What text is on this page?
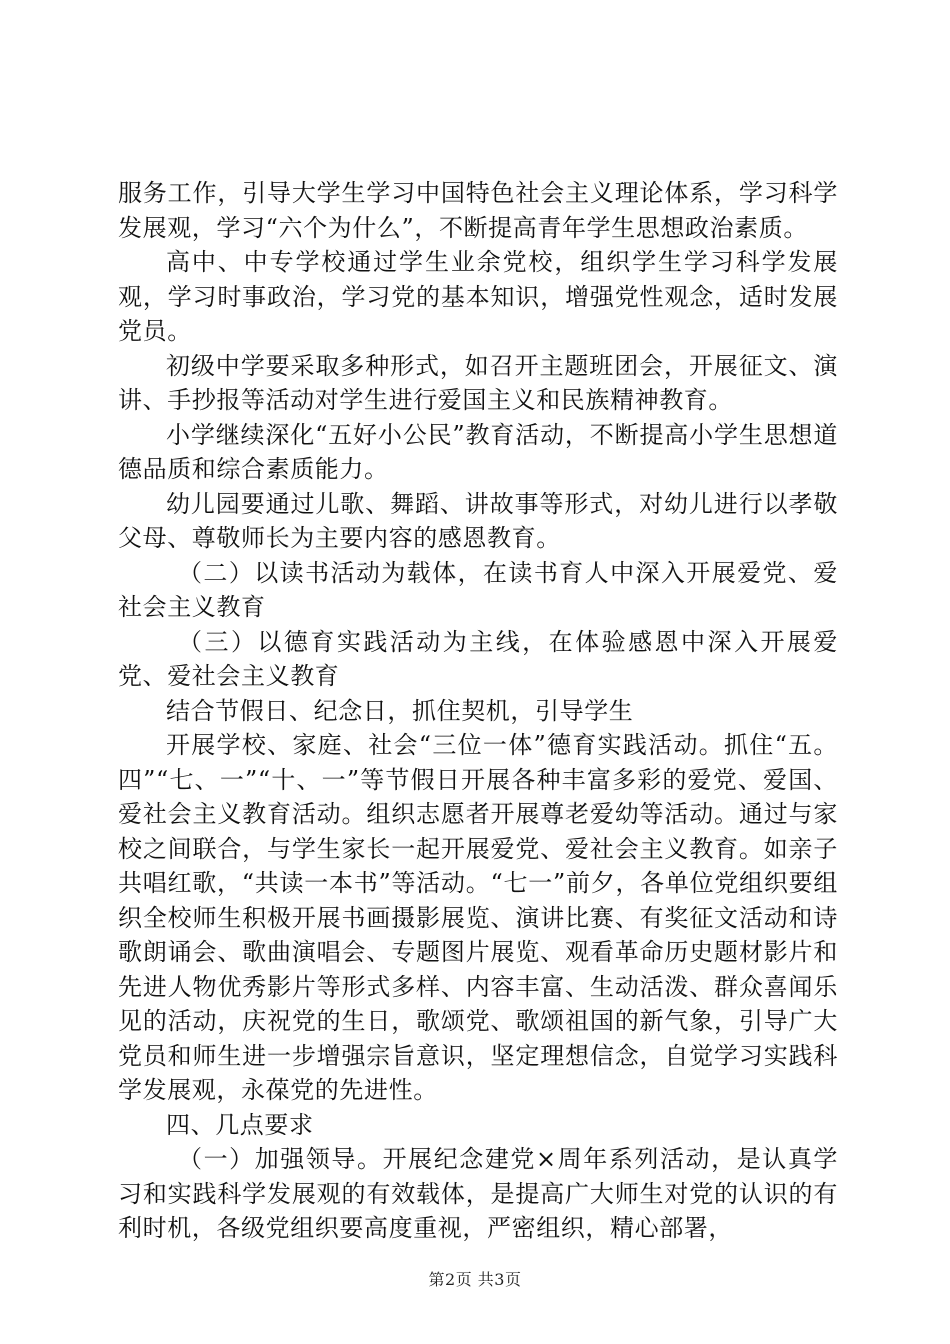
服务工作，引导大学生学习中国特色社会主义理论体系，学习科学发展观，学习“六个为什么”，不断提高青年学生思想政治素质。

高中、中专学校通过学生业余党校，组织学生学习科学发展观，学习时事政治，学习党的基本知识，增强党性观念，适时发展党员。

初级中学要采取多种形式，如召开主题班团会，开展征文、演讲、手抄报等活动对学生进行爱国主义和民族精神教育。

小学继续深化“五好小公民”教育活动，不断提高小学生思想道德品质和综合素质能力。

幼儿园要通过儿歌、舞蹈、讲故事等形式，对幼儿进行以孝敬父母、尊敬师长为主要内容的感恩教育。

（二）以读书活动为载体，在读书育人中深入开展爱党、爱社会主义教育

（三）以德育实践活动为主线，在体验感恩中深入开展爱党、爱社会主义教育

结合节假日、纪念日，抓住契机，引导学生

开展学校、家庭、社会“三位一体”德育实践活动。抓住“五。四”“七、一”“十、一”等节假日开展各种丰富多彩的爱党、爱国、爱社会主义教育活动。组织志愿者开展尊老爱幼等活动。通过与家校之间联合，与学生家长一起开展爱党、爱社会主义教育。如亲子共唱红歌，“共读一本书”等活动。“七一”前夕，各单位党组织要组织全校师生积极开展书画摄影展览、演讲比赛、有奖征文活动和诗歌朗诵会、歌曲演唱会、专题图片展览、观看革命历史题材影片和先进人物优秀影片等形式多样、内容丰富、生动活泼、群众喜闻乐见的活动，庆祝党的生日，歌颂党、歌颂祖国的新气象，引导广大党员和师生进一步增强宗旨意识，坚定理想信念，自觉学习实践科学发展观，永葆党的先进性。

四、几点要求

（一）加强领导。开展纪念建党×周年系列活动，是认真学习和实践科学发展观的有效载体，是提高广大师生对党的认识的有利时机，各级党组织要高度重视，严密组织，精心部署，

第2页 共3页
